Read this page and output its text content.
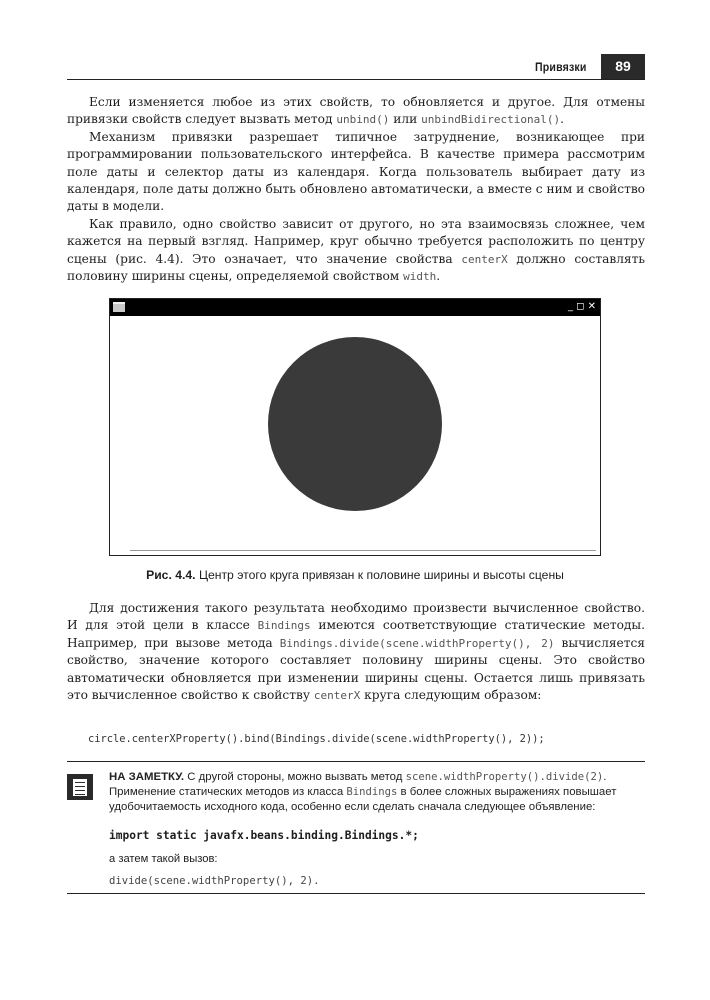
Привязки	89

Если изменяется любое из этих свойств, то обновляется и другое. Для отмены привязки свойств следует вызвать метод unbind() или unbindBidirectional().

Механизм привязки разрешает типичное затруднение, возникающее при программировании пользовательского интерфейса. В качестве примера рассмотрим поле даты и селектор даты из календаря. Когда пользователь выбирает дату из календаря, поле даты должно быть обновлено автоматически, а вместе с ним и свойство даты в модели.

Как правило, одно свойство зависит от другого, но эта взаимосвязь сложнее, чем кажется на первый взгляд. Например, круг обычно требуется расположить по центру сцены (рис. 4.4). Это означает, что значение свойства centerX должно составлять половину ширины сцены, определяемой свойством width.

_ ◻ ✕
Рис. 4.4. Центр этого круга привязан к половине ширины и высоты сцены

Для достижения такого результата необходимо произвести вычисленное свойство. И для этой цели в классе Bindings имеются соответствующие статические методы. Например, при вызове метода Bindings.divide(scene.widthProperty(), 2) вычисляется свойство, значение которого составляет половину ширины сцены. Это свойство автоматически обновляется при изменении ширины сцены. Остается лишь привязать это вычисленное свойство к свойству centerX круга следующим образом:

circle.centerXProperty().bind(Bindings.divide(scene.widthProperty(), 2));
НА ЗАМЕТКУ. С другой стороны, можно вызвать метод scene.widthProperty().divide(2). Применение статических методов из класса Bindings в более сложных выражениях повышает удобочитаемость исходного кода, особенно если сделать сначала следующее объявление:
import static javafx.beans.binding.Bindings.*;
а затем такой вызов:
divide(scene.widthProperty(), 2).
